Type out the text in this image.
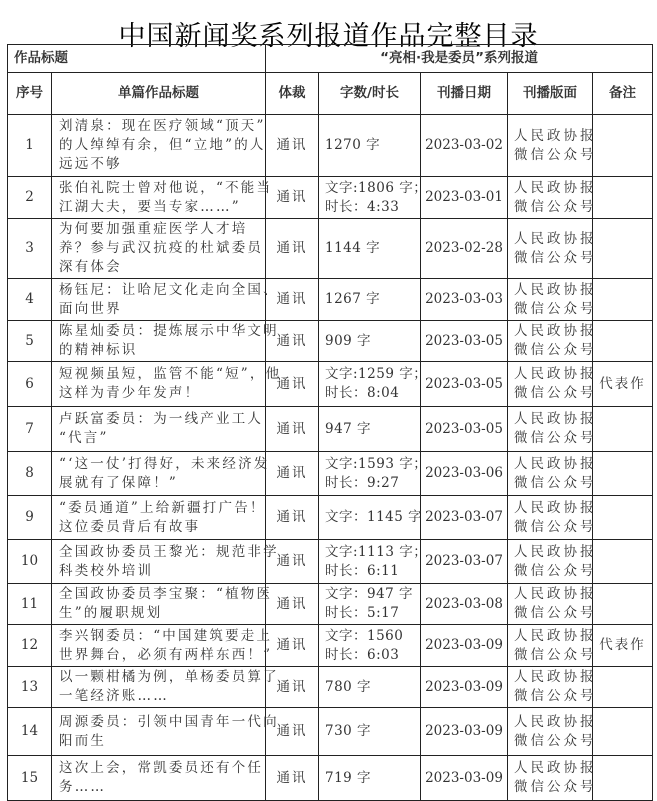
中国新闻奖系列报道作品完整目录
作品标题		“亮相·我是委员”系列报道				
序号	单篇作品标题	体裁	字数/时长	刊播日期	刊播版面	备注
1	刘清泉：现在医疗领域“顶天”
的人绰绰有余，但“立地”的人
远远不够	通讯	1270 字	2023-03-02	人民政协报
微信公众号	

2	张伯礼院士曾对他说，“不能当
江湖大夫，要当专家……”	通讯	文字:1806 字；
时长：4:33	2023-03-01	人民政协报
微信公众号	

3	为何要加强重症医学人才培
养？参与武汉抗疫的杜斌委员
深有体会	通讯	1144 字	2023-02-28	人民政协报
微信公众号	

4	杨钰尼：让哈尼文化走向全国、
面向世界	通讯	1267 字	2023-03-03	人民政协报
微信公众号	

5	陈星灿委员：提炼展示中华文明
的精神标识	通讯	909 字	2023-03-05	人民政协报
微信公众号	

6	短视频虽短，监管不能“短”，他
这样为青少年发声！	通讯	文字:1259 字；
时长：8:04	2023-03-05	人民政协报
微信公众号	代表作
7	卢跃富委员：为一线产业工人
“代言”	通讯	947 字	2023-03-05	人民政协报
微信公众号	

8	“‘这一仗’打得好，未来经济发
展就有了保障！”	通讯	文字:1593 字；
时长：9:27	2023-03-06	人民政协报
微信公众号	

9	“委员通道”上给新疆打广告！
这位委员背后有故事	通讯	文字：1145 字	2023-03-07	人民政协报
微信公众号	

10	全国政协委员王黎光：规范非学
科类校外培训	通讯	文字:1113 字；
时长：6:11	2023-03-07	人民政协报
微信公众号	

11	全国政协委员李宝聚：“植物医
生”的履职规划	通讯	文字：947 字
时长：5:17	2023-03-08	人民政协报
微信公众号	

12	李兴钢委员：“中国建筑要走上
世界舞台，必须有两样东西！”	通讯	文字：1560
时长：6:03	2023-03-09	人民政协报
微信公众号	代表作
13	以一颗柑橘为例，单杨委员算了
一笔经济账……	通讯	780 字	2023-03-09	人民政协报
微信公众号	

14	周源委员：引领中国青年一代向
阳而生	通讯	730 字	2023-03-09	人民政协报
微信公众号	

15	这次上会，常凯委员还有个任
务……	通讯	719 字	2023-03-09	人民政协报
微信公众号	
